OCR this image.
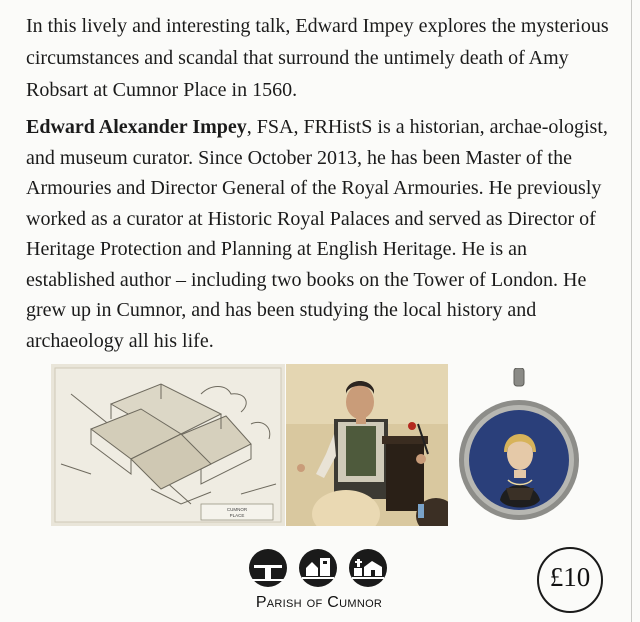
In this lively and interesting talk, Edward Impey explores the mysterious circumstances and scandal that surround the untimely death of Amy Robsart at Cumnor Place in 1560.

Edward Alexander Impey, FSA, FRHistS is a historian, archae-ologist, and museum curator. Since October 2013, he has been Master of the Armouries and Director General of the Royal Armouries. He previously worked as a curator at Historic Royal Palaces and served as Director of Heritage Protection and Planning at English Heritage. He is an established author – including two books on the Tower of London. He grew up in Cumnor, and has been studying the local history and archaeology all his life.

CUMNOR
PLACE
Parish of Cumnor
£10
